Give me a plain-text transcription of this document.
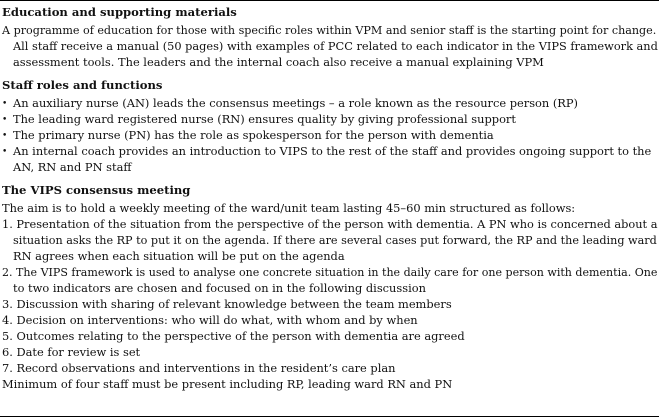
Education and supporting materials
A programme of education for those with specific roles within VPM and senior staff is the starting point for change.
All staff receive a manual (50 pages) with examples of PCC related to each indicator in the VIPS framework and
assessment tools. The leaders and the internal coach also receive a manual explaining VPM
Staff roles and functions
• An auxiliary nurse (AN) leads the consensus meetings – a role known as the resource person (RP)
• The leading ward registered nurse (RN) ensures quality by giving professional support
• The primary nurse (PN) has the role as spokesperson for the person with dementia
• An internal coach provides an introduction to VIPS to the rest of the staff and provides ongoing support to the
AN, RN and PN staff
The VIPS consensus meeting
The aim is to hold a weekly meeting of the ward/unit team lasting 45–60 min structured as follows:
1. Presentation of the situation from the perspective of the person with dementia. A PN who is concerned about a
situation asks the RP to put it on the agenda. If there are several cases put forward, the RP and the leading ward
RN agrees when each situation will be put on the agenda
2. The VIPS framework is used to analyse one concrete situation in the daily care for one person with dementia. One
to two indicators are chosen and focused on in the following discussion
3. Discussion with sharing of relevant knowledge between the team members
4. Decision on interventions: who will do what, with whom and by when
5. Outcomes relating to the perspective of the person with dementia are agreed
6. Date for review is set
7. Record observations and interventions in the resident’s care plan
Minimum of four staff must be present including RP, leading ward RN and PN
